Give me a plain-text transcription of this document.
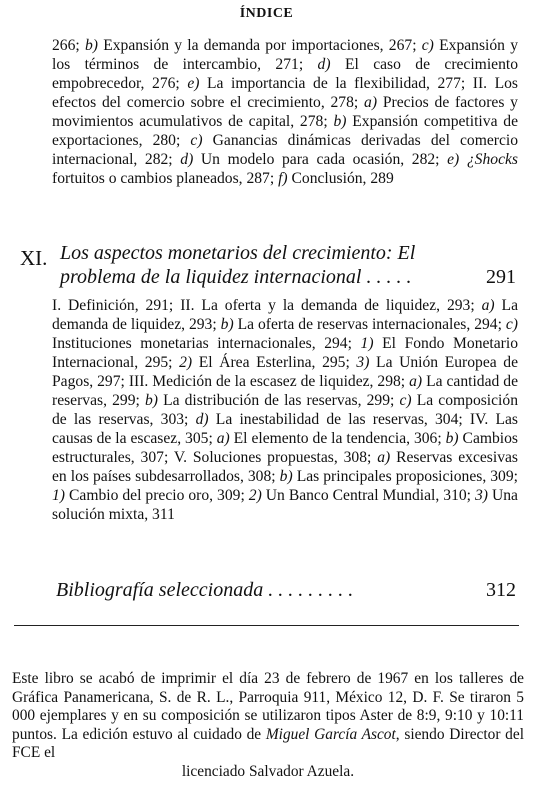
ÍNDICE
266; b) Expansión y la demanda por importaciones, 267; c) Expansión y los términos de intercambio, 271; d) El caso de crecimiento empobrecedor, 276; e) La importancia de la flexibilidad, 277; II. Los efectos del comercio sobre el crecimiento, 278; a) Precios de factores y movimientos acumulativos de capital, 278; b) Expansión competitiva de exportaciones, 280; c) Ganancias dinámicas derivadas del comercio internacional, 282; d) Un modelo para cada ocasión, 282; e) ¿Shocks fortuitos o cambios planeados, 287; f) Conclusión, 289
XI. Los aspectos monetarios del crecimiento: El problema de la liquidez internacional . . . . .	291
I. Definición, 291; II. La oferta y la demanda de liquidez, 293; a) La demanda de liquidez, 293; b) La oferta de reservas internacionales, 294; c) Instituciones monetarias internacionales, 294; 1) El Fondo Monetario Internacional, 295; 2) El Área Esterlina, 295; 3) La Unión Europea de Pagos, 297; III. Medición de la escasez de liquidez, 298; a) La cantidad de reservas, 299; b) La distribución de las reservas, 299; c) La composición de las reservas, 303; d) La inestabilidad de las reservas, 304; IV. Las causas de la escasez, 305; a) El elemento de la tendencia, 306; b) Cambios estructurales, 307; V. Soluciones propuestas, 308; a) Reservas excesivas en los países subdesarrollados, 308; b) Las principales proposiciones, 309; 1) Cambio del precio oro, 309; 2) Un Banco Central Mundial, 310; 3) Una solución mixta, 311
Bibliografía seleccionada . . . . . . . . .	312
Este libro se acabó de imprimir el día 23 de febrero de 1967 en los talleres de Gráfica Panamericana, S. de R. L., Parroquia 911, México 12, D. F. Se tiraron 5 000 ejemplares y en su composición se utilizaron tipos Aster de 8:9, 9:10 y 10:11 puntos. La edición estuvo al cuidado de Miguel García Ascot, siendo Director del FCE el
licenciado Salvador Azuela.
